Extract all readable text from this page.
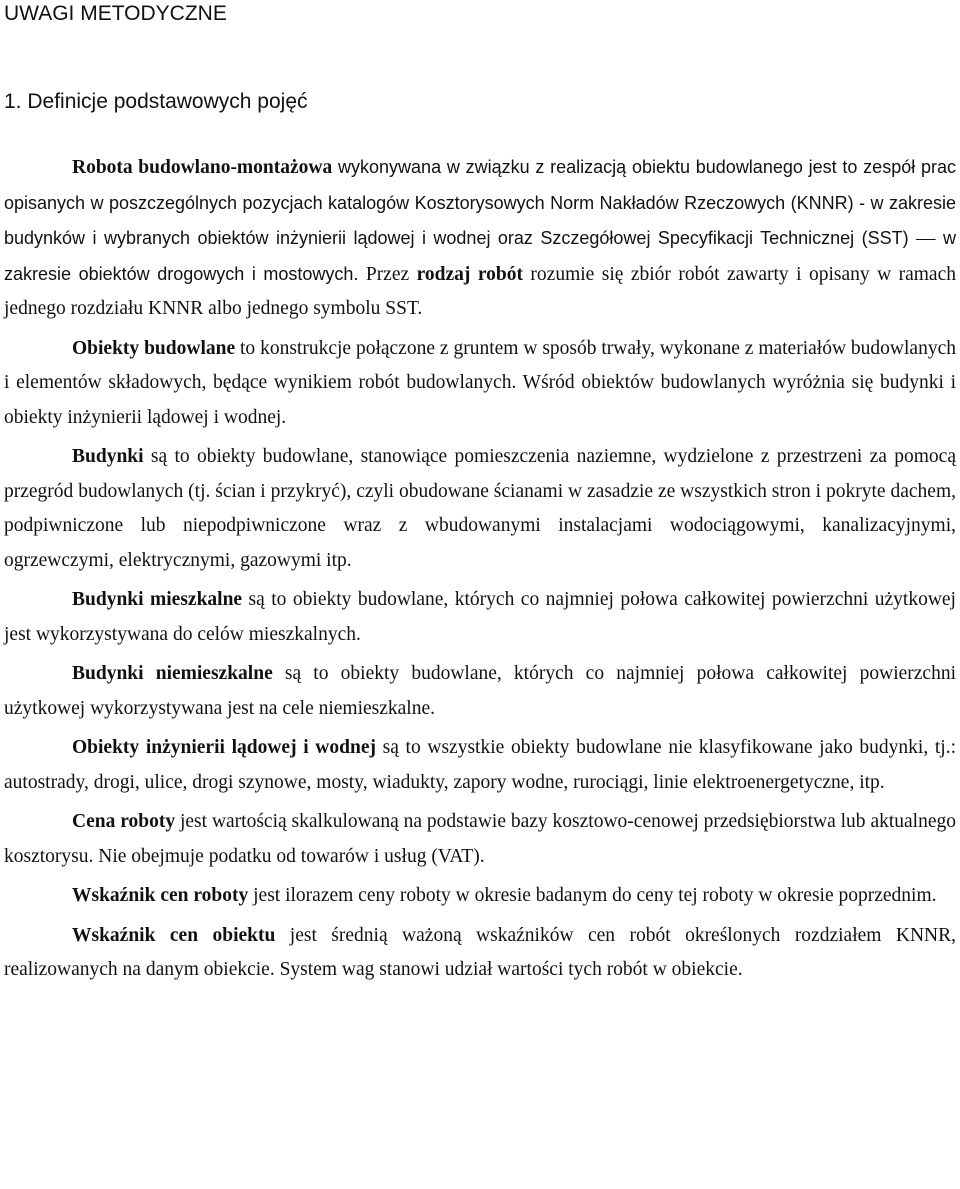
UWAGI METODYCZNE
1. Definicje podstawowych pojęć

Robota budowlano-montażowa wykonywana w związku z realizacją obiektu budowlanego jest to zespół prac opisanych w poszczególnych pozycjach katalogów Kosztorysowych Norm Nakładów Rzeczowych (KNNR) - w zakresie budynków i wybranych obiektów inżynierii lądowej i wodnej oraz Szczegółowej Specyfikacji Technicznej (SST) ― w zakresie obiektów drogowych i mostowych. Przez rodzaj robót rozumie się zbiór robót zawarty i opisany w ramach jednego rozdziału KNNR albo jednego symbolu SST.

Obiekty budowlane to konstrukcje połączone z gruntem w sposób trwały, wykonane z materiałów budowlanych i elementów składowych, będące wynikiem robót budowlanych. Wśród obiektów budowlanych wyróżnia się budynki i obiekty inżynierii lądowej i wodnej.

Budynki są to obiekty budowlane, stanowiące pomieszczenia naziemne, wydzielone z przestrzeni za pomocą przegród budowlanych (tj. ścian i przykryć), czyli obudowane ścianami w zasadzie ze wszystkich stron i pokryte dachem, podpiwniczone lub niepodpiwniczone wraz z wbudowanymi instalacjami wodociągowymi, kanalizacyjnymi, ogrzewczymi, elektrycznymi, gazowymi itp.

Budynki mieszkalne są to obiekty budowlane, których co najmniej połowa całkowitej powierzchni użytkowej jest wykorzystywana do celów mieszkalnych.

Budynki niemieszkalne są to obiekty budowlane, których co najmniej połowa całkowitej powierzchni użytkowej wykorzystywana jest na cele niemieszkalne.

Obiekty inżynierii lądowej i wodnej są to wszystkie obiekty budowlane nie klasyfikowane jako budynki, tj.: autostrady, drogi, ulice, drogi szynowe, mosty, wiadukty, zapory wodne, rurociągi, linie elektroenergetyczne, itp.

Cena roboty jest wartością skalkulowaną na podstawie bazy kosztowo-cenowej przedsiębiorstwa lub aktualnego kosztorysu. Nie obejmuje podatku od towarów i usług (VAT).

Wskaźnik cen roboty jest ilorazem ceny roboty w okresie badanym do ceny tej roboty w okresie poprzednim.

Wskaźnik cen obiektu jest średnią ważoną wskaźników cen robót określonych rozdziałem KNNR, realizowanych na danym obiekcie. System wag stanowi udział wartości tych robót w obiekcie.
